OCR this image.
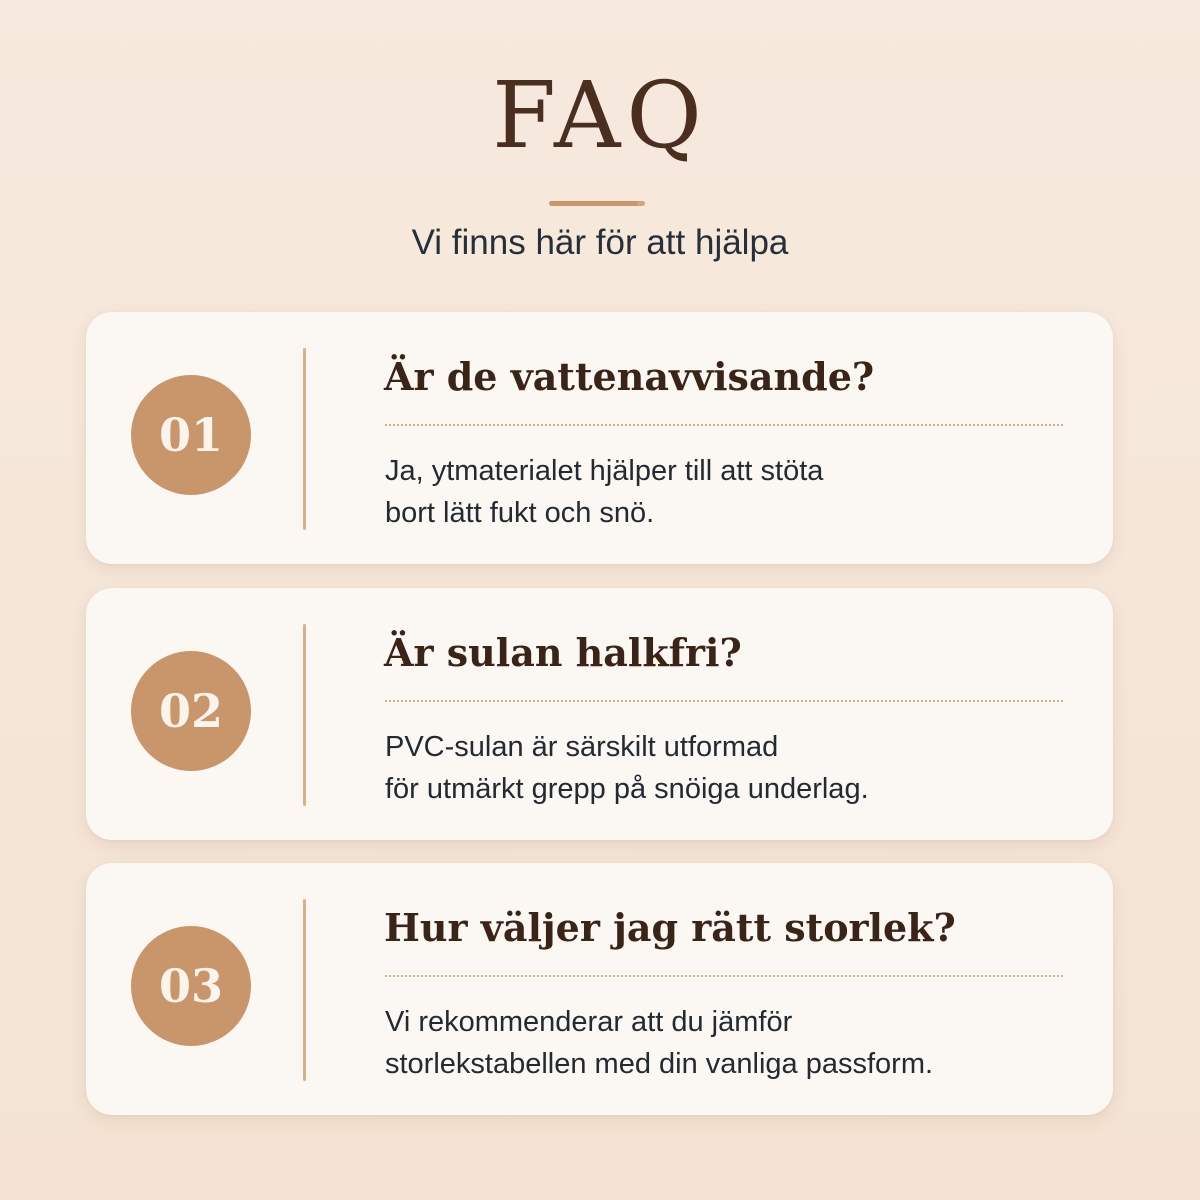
FAQ
Vi finns här för att hjälpa
01
Är de vattenavvisande?
Ja, ytmaterialet hjälper till att stöta
bort lätt fukt och snö.
02
Är sulan halkfri?
PVC-sulan är särskilt utformad
för utmärkt grepp på snöiga underlag.
03
Hur väljer jag rätt storlek?
Vi rekommenderar att du jämför
storlekstabellen med din vanliga passform.
